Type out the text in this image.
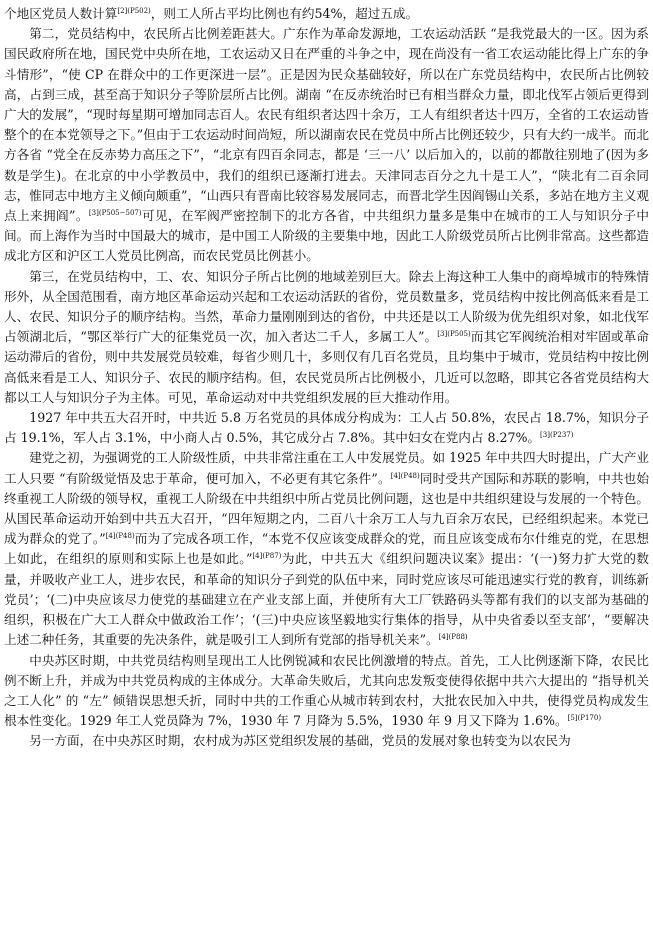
个地区党员人数计算$^{[2](P502)}$，则工人所占平均比例也有约54%，超过五成。

第二，党员结构中，农民所占比例差距甚大。广东作为革命发源地，工农运动活跃 “是我党最大的一区。因为系国民政府所在地，国民党中央所在地，工农运动又日在严重的斗争之中，现在尚没有一省工农运动能比得上广东的争斗情形”，“使 CP 在群众中的工作更深进一层”。正是因为民众基础较好，所以在广东党员结构中，农民所占比例较高，占到三成，甚至高于知识分子等阶层所占比例。湖南 “在反赤统治时已有相当群众力量，即北伐军占领后更得到广大的发展”，“现时每星期可增加同志百人。农民有组织者达四十余万，工人有组织者达十四万，全省的工农运动皆整个的在本党领导之下。”但由于工农运动时间尚短，所以湖南农民在党员中所占比例还较少，只有大约一成半。而北方各省 “党全在反赤势力高压之下”，“北京有四百余同志，都是 ‘三一八’ 以后加入的，以前的都散往别地了(因为多数是学生)。在北京的中小学教员中，我们的组织已逐渐打进去。天津同志百分之九十是工人”，“陕北有二百余同志，惟同志中地方主义倾向颇重”，“山西只有晋南比较容易发展同志，而晋北学生因阎锡山关系，多站在地方主义观点上来拥阎”。$^{[3](P505-507)}$可见，在军阀严密控制下的北方各省，中共组织力量多是集中在城市的工人与知识分子中间。而上海作为当时中国最大的城市，是中国工人阶级的主要集中地，因此工人阶级党员所占比例非常高。这些都造成北方区和沪区工人党员比例高，而农民党员比例甚小。

第三，在党员结构中，工、农、知识分子所占比例的地域差别巨大。除去上海这种工人集中的商埠城市的特殊情形外，从全国范围看，南方地区革命运动兴起和工农运动活跃的省份，党员数量多，党员结构中按比例高低来看是工人、农民、知识分子的顺序结构。当然，革命力量刚刚到达的省份，中共还是以工人阶级为优先组织对象，如北伐军占领湖北后，“鄂区举行广大的征集党员一次，加入者达二千人，多属工人”。$^{[3](P505)}$而其它军阀统治相对牢固或革命运动滞后的省份，则中共发展党员较难，每省少则几十，多则仅有几百名党员，且均集中于城市，党员结构中按比例高低来看是工人、知识分子、农民的顺序结构。但，农民党员所占比例极小，几近可以忽略，即其它各省党员结构大都以工人与知识分子为主体。可见，革命运动对中共党组织发展的巨大推动作用。

1927 年中共五大召开时，中共近 5.8 万名党员的具体成分构成为：工人占 50.8%，农民占 18.7%，知识分子占 19.1%，军人占 3.1%，中小商人占 0.5%，其它成分占 7.8%。其中妇女在党内占 8.27%。$^{[3](P237)}$

建党之初，为强调党的工人阶级性质，中共非常注重在工人中发展党员。如 1925 年中共四大时提出，广大产业工人只要 “有阶级觉悟及忠于革命，便可加入，不必更有其它条件”。$^{[4](P48)}$同时受共产国际和苏联的影响，中共也始终重视工人阶级的领导权，重视工人阶级在中共组织中所占党员比例问题，这也是中共组织建设与发展的一个特色。从国民革命运动开始到中共五大召开，“四年短期之内，二百八十余万工人与九百余万农民，已经组织起来。本党已成为群众的党了。”$^{[4](P48)}$而为了完成各项工作，“本党不仅应该变成群众的党，而且应该变成布尔什维克的党，在思想上如此，在组织的原则和实际上也是如此。”$^{[4](P87)}$为此，中共五大《组织问题决议案》提出：‘(一)努力扩大党的数量，并吸收产业工人，进步农民，和革命的知识分子到党的队伍中来，同时党应该尽可能迅速实行党的教育，训练新党员’；‘(二)中央应该尽力使党的基础建立在产业支部上面，并使所有大工厂铁路码头等都有我们的以支部为基础的组织，积极在广大工人群众中做政治工作’；‘(三)中央应该坚毅地实行集体的指导，从中央省委以至支部’，“要解决上述二种任务，其重要的先决条件，就是吸引工人到所有党部的指导机关来”。$^{[4](P88)}$

中央苏区时期，中共党员结构则呈现出工人比例锐减和农民比例激增的特点。首先，工人比例逐渐下降，农民比例不断上升，并成为中共党员构成的主体成分。大革命失败后，尤其向忠发叛变使得依据中共六大提出的 “指导机关之工人化” 的 “左” 倾错误思想夭折，同时中共的工作重心从城市转到农村，大批农民加入中共，使得党员构成发生根本性变化。1929 年工人党员降为 7%，1930 年 7 月降为 5.5%，1930 年 9 月又下降为 1.6%。$^{[5](P170)}$

另一方面，在中央苏区时期，农村成为苏区党组织发展的基础，党员的发展对象也转变为以农民为
